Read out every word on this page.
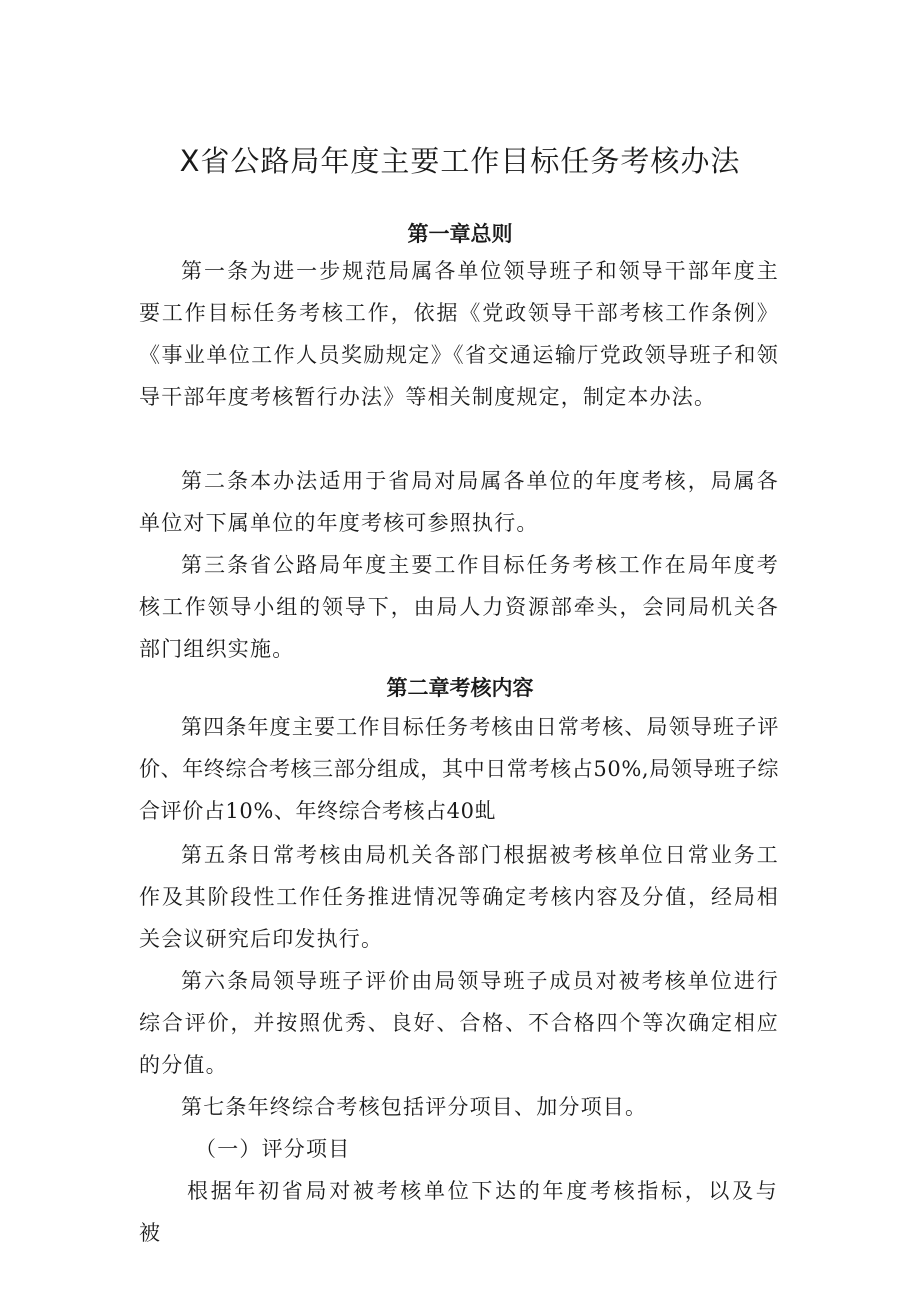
X省公路局年度主要工作目标任务考核办法
第一章总则

第一条为进一步规范局属各单位领导班子和领导干部年度主要工作目标任务考核工作，依据《党政领导干部考核工作条例》《事业单位工作人员奖励规定》《省交通运输厅党政领导班子和领导干部年度考核暂行办法》等相关制度规定，制定本办法。

第二条本办法适用于省局对局属各单位的年度考核，局属各单位对下属单位的年度考核可参照执行。

第三条省公路局年度主要工作目标任务考核工作在局年度考核工作领导小组的领导下，由局人力资源部牵头，会同局机关各部门组织实施。

第二章考核内容

第四条年度主要工作目标任务考核由日常考核、局领导班子评价、年终综合考核三部分组成，其中日常考核占50%,局领导班子综合评价占10%、年终综合考核占40虬

第五条日常考核由局机关各部门根据被考核单位日常业务工作及其阶段性工作任务推进情况等确定考核内容及分值，经局相关会议研究后印发执行。

第六条局领导班子评价由局领导班子成员对被考核单位进行综合评价，并按照优秀、良好、合格、不合格四个等次确定相应的分值。

第七条年终综合考核包括评分项目、加分项目。

（一）评分项目

根据年初省局对被考核单位下达的年度考核指标，以及与被
